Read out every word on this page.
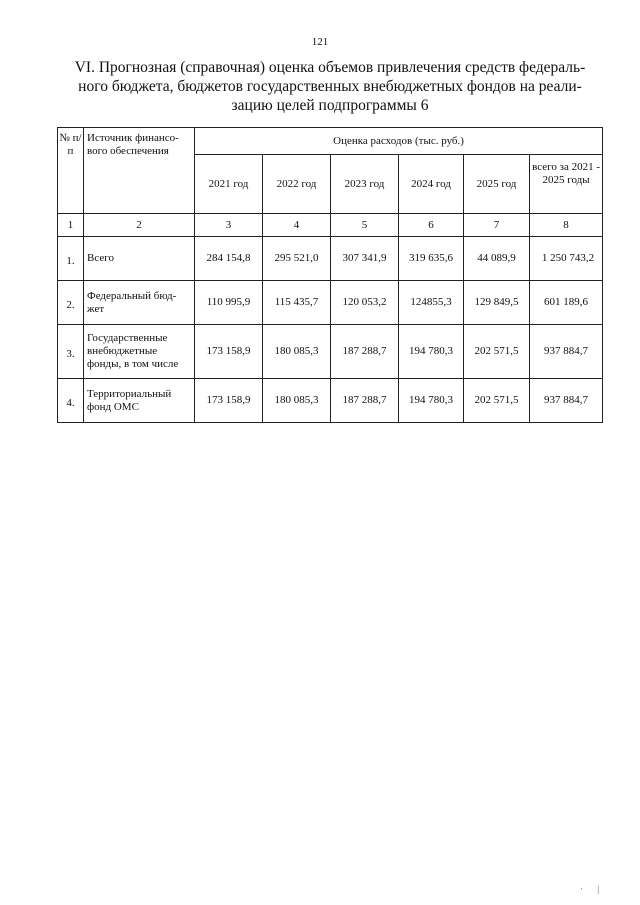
121
VI. Прогнозная (справочная) оценка объемов привлечения средств федераль-
ного бюджета, бюджетов государственных внебюджетных фондов на реали-
зацию целей подпрограммы 6
№ п/ п	Источник финансо-вого обеспечения	Оценка расходов (тыс. руб.)					
		2021 год	2022 год	2023 год	2024 год	2025 год	всего за 2021 - 2025 годы
1	2	3	4	5	6	7	8
1.	Всего	284 154,8	295 521,0	307 341,9	319 635,6	44 089,9	1 250 743,2
2.	Федеральный бюд-жет	110 995,9	115 435,7	120 053,2	124855,3	129 849,5	601 189,6
3.	Государственные внебюджетные фонды, в том числе	173 158,9	180 085,3	187 288,7	194 780,3	202 571,5	937 884,7
4.	Территориальный фонд ОМС	173 158,9	180 085,3	187 288,7	194 780,3	202 571,5	937 884,7
· |
